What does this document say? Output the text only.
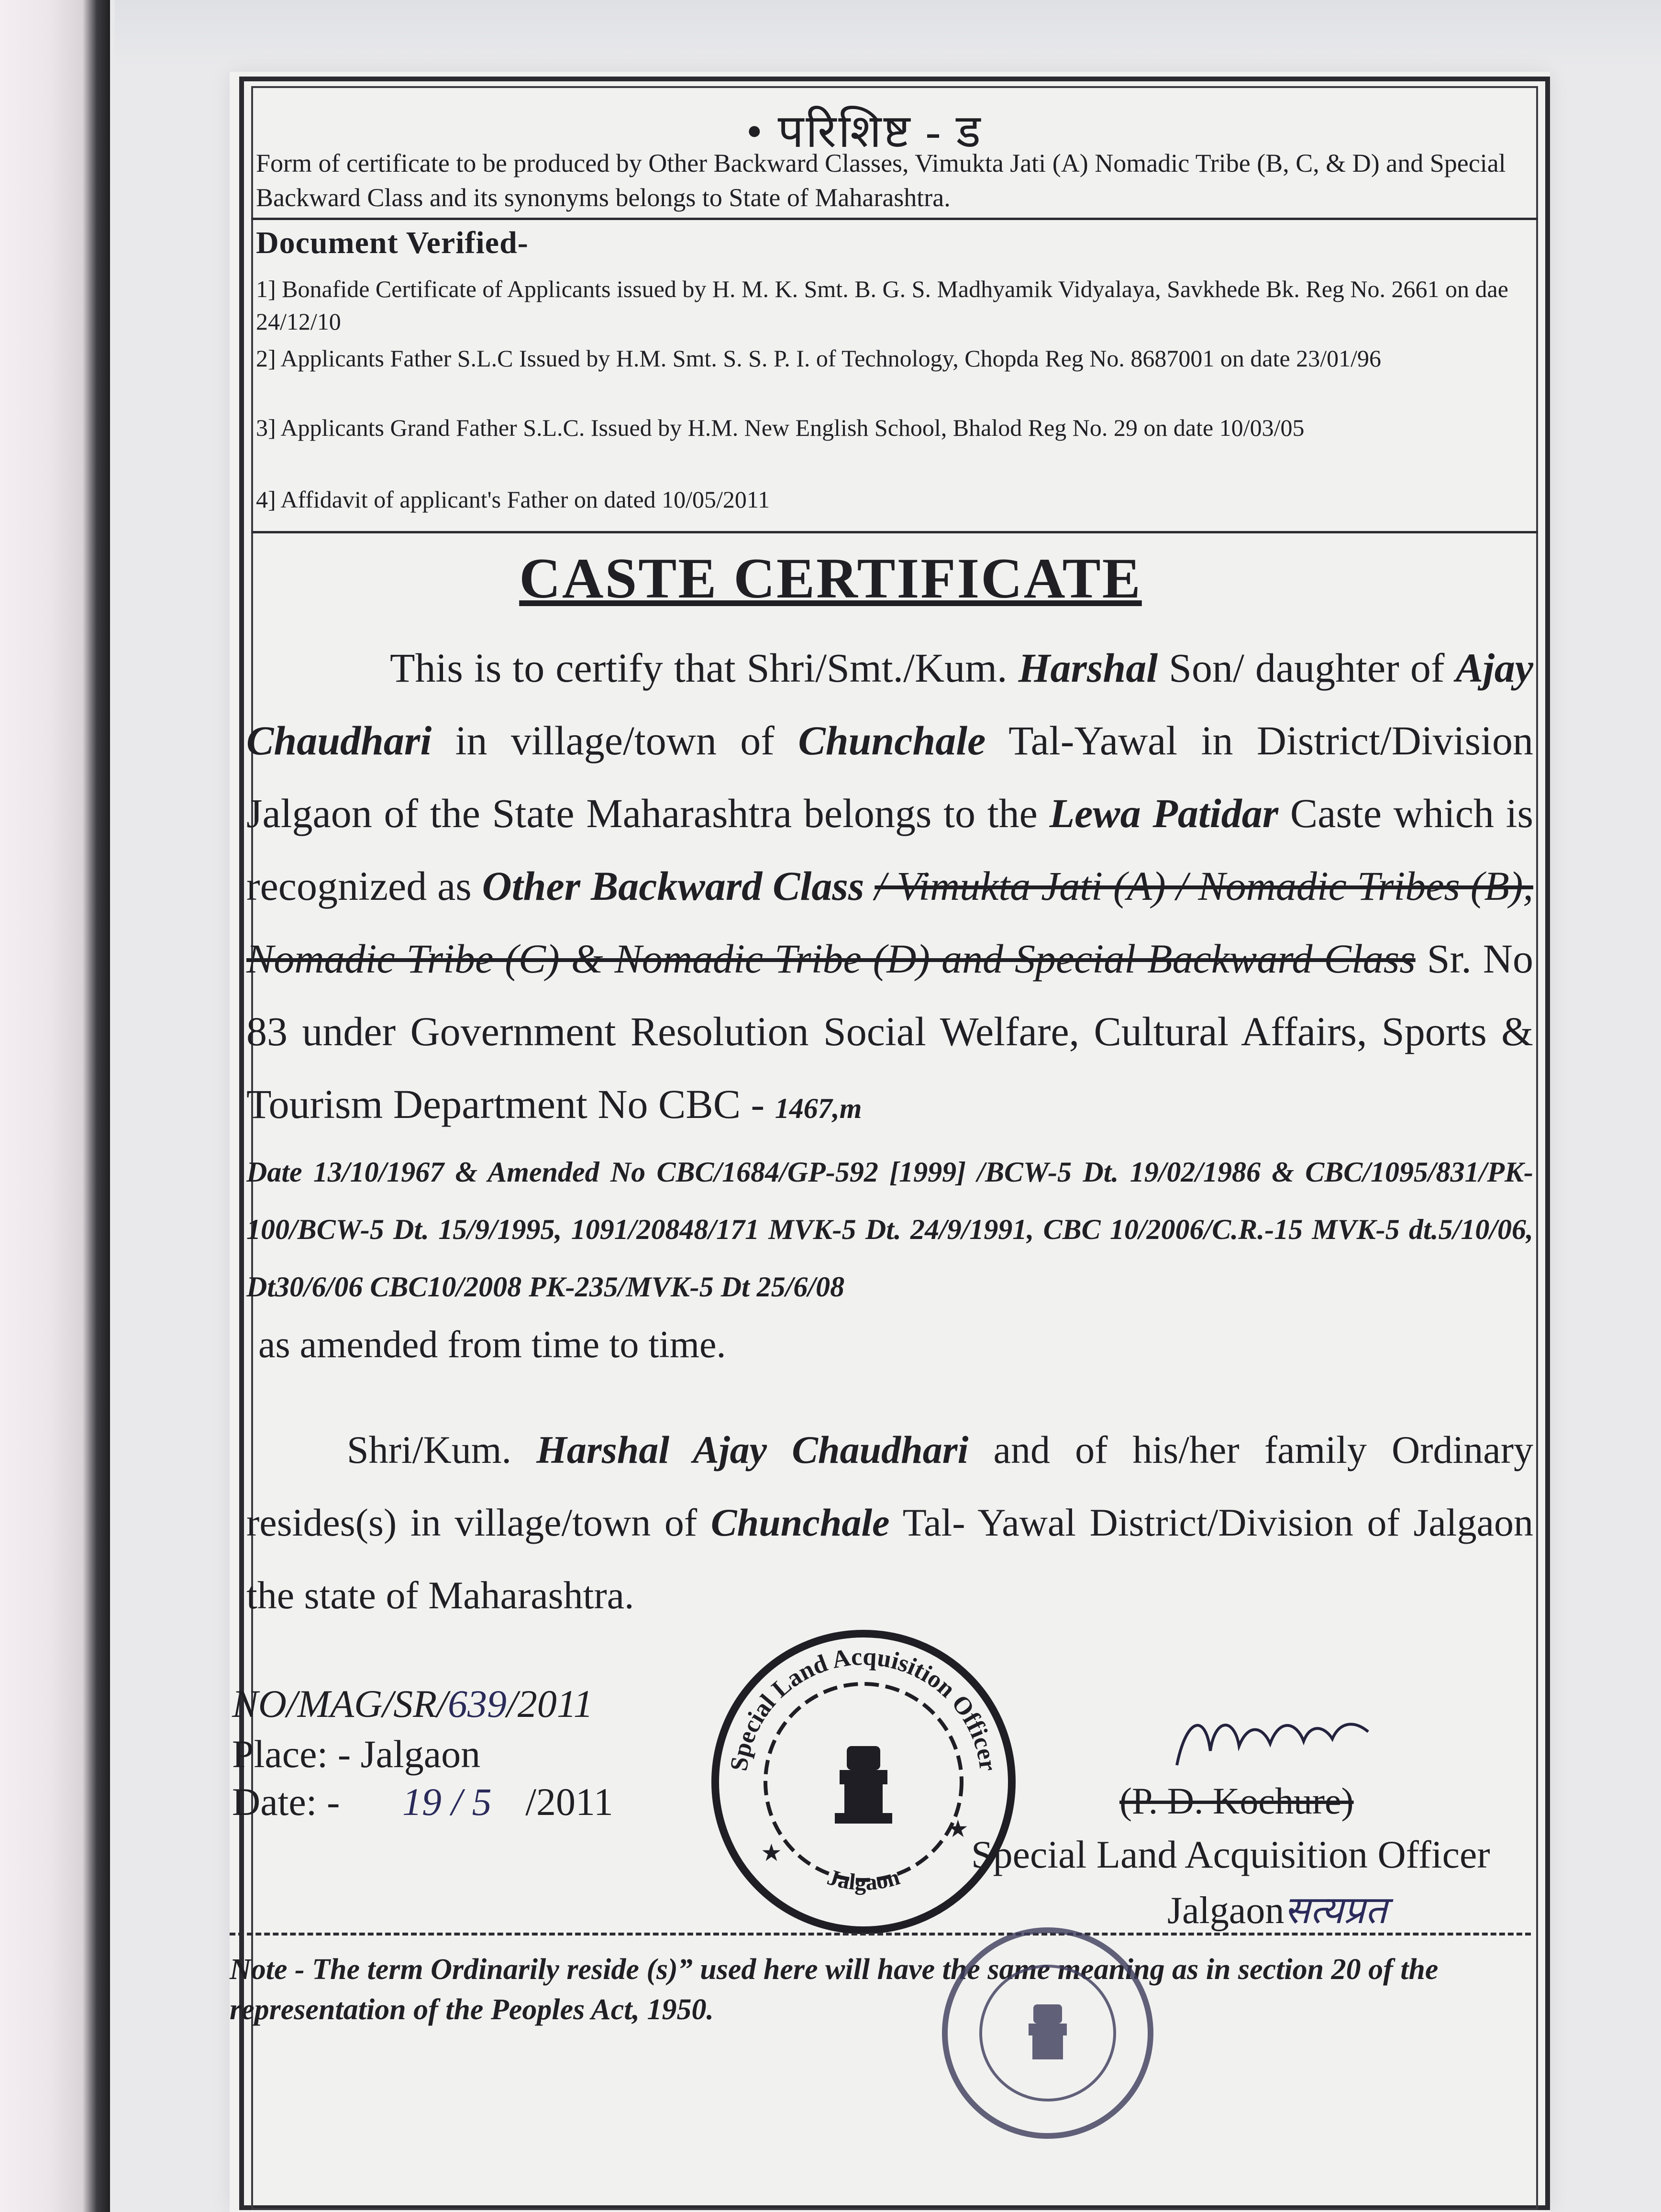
• परिशिष्ट - ड
Form of certificate to be produced by Other Backward Classes, Vimukta Jati (A) Nomadic Tribe (B, C, & D) and Special Backward Class and its synonyms belongs to State of Maharashtra.
Document Verified-
1] Bonafide Certificate of Applicants issued by H. M. K. Smt. B. G. S. Madhyamik Vidyalaya, Savkhede Bk. Reg No. 2661 on dae 24/12/10
2] Applicants Father S.L.C Issued by H.M. Smt. S. S. P. I. of Technology, Chopda Reg No. 8687001 on date 23/01/96
3] Applicants Grand Father S.L.C. Issued by H.M. New English School, Bhalod Reg No. 29 on date 10/03/05
4] Affidavit of applicant's Father on dated 10/05/2011
CASTE CERTIFICATE
This is to certify that Shri/Smt./Kum. Harshal Son/ daughter of Ajay Chaudhari in village/town of Chunchale Tal-Yawal in District/Division Jalgaon of the State Maharashtra belongs to the Lewa Patidar Caste which is recognized as Other Backward Class / Vimukta Jati (A) / Nomadic Tribes (B), Nomadic Tribe (C) & Nomadic Tribe (D) and Special Backward Class Sr. No 83 under Government Resolution Social Welfare, Cultural Affairs, Sports & Tourism Department No CBC - 1467,m
Date 13/10/1967 & Amended No CBC/1684/GP-592 [1999] /BCW-5 Dt. 19/02/1986 & CBC/1095/831/PK-100/BCW-5 Dt. 15/9/1995, 1091/20848/171 MVK-5 Dt. 24/9/1991, CBC 10/2006/C.R.-15 MVK-5 dt.5/10/06, Dt30/6/06 CBC10/2008 PK-235/MVK-5 Dt 25/6/08
as amended from time to time.
Shri/Kum. Harshal Ajay Chaudhari and of his/her family Ordinary resides(s) in village/town of Chunchale Tal- Yawal District/Division of Jalgaon the state of Maharashtra.
NO/MAG/SR/639/2011
Place: - Jalgaon
Date: - 19 / 5 /2011
Special Land Acquisition Officer
Jalgaon
★
★
(P. D. Kochure)
Special Land Acquisition Officer
Jalgaonसत्यप्रत
Note - The term Ordinarily reside (s)” used here will have the same meaning as in section 20 of the representation of the Peoples Act, 1950.
